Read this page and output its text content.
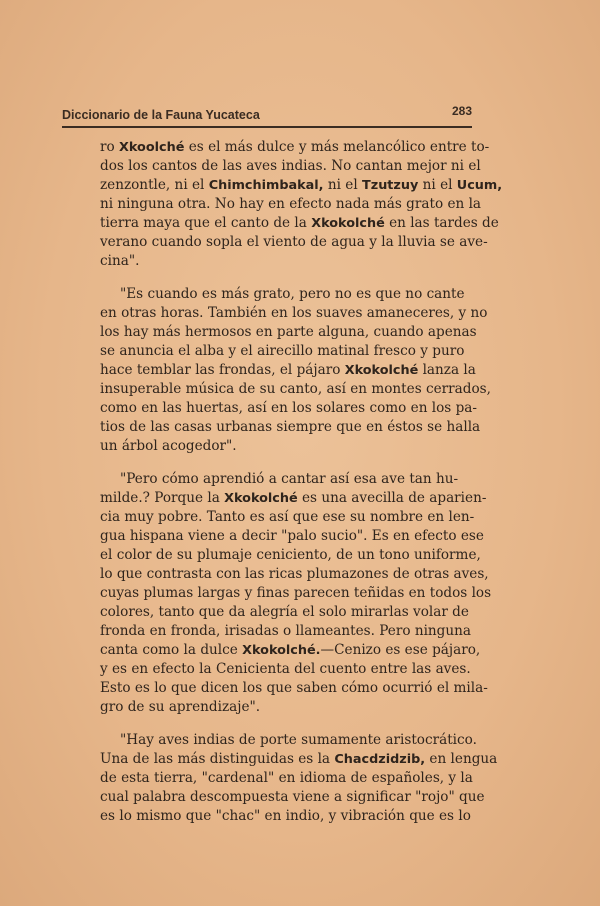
Diccionario de la Fauna Yucateca	283
ro Xkoolché es el más dulce y más melancólico entre to-
dos los cantos de las aves indias. No cantan mejor ni el
zenzontle, ni el Chimchimbakal, ni el Tzutzuy ni el Ucum,
ni ninguna otra. No hay en efecto nada más grato en la
tierra maya que el canto de la Xkokolché en las tardes de
verano cuando sopla el viento de agua y la lluvia se ave-
cina".
"Es cuando es más grato, pero no es que no cante
en otras horas. También en los suaves amaneceres, y no
los hay más hermosos en parte alguna, cuando apenas
se anuncia el alba y el airecillo matinal fresco y puro
hace temblar las frondas, el pájaro Xkokolché lanza la
insuperable música de su canto, así en montes cerrados,
como en las huertas, así en los solares como en los pa-
tios de las casas urbanas siempre que en éstos se halla
un árbol acogedor".
"Pero cómo aprendió a cantar así esa ave tan hu-
milde.? Porque la Xkokolché es una avecilla de aparien-
cia muy pobre. Tanto es así que ese su nombre en len-
gua hispana viene a decir "palo sucio". Es en efecto ese
el color de su plumaje ceniciento, de un tono uniforme,
lo que contrasta con las ricas plumazones de otras aves,
cuyas plumas largas y finas parecen teñidas en todos los
colores, tanto que da alegría el solo mirarlas volar de
fronda en fronda, irisadas o llameantes. Pero ninguna
canta como la dulce Xkokolché.—Cenizo es ese pájaro,
y es en efecto la Cenicienta del cuento entre las aves.
Esto es lo que dicen los que saben cómo ocurrió el mila-
gro de su aprendizaje".
"Hay aves indias de porte sumamente aristocrático.
Una de las más distinguidas es la Chacdzidzib, en lengua
de esta tierra, "cardenal" en idioma de españoles, y la
cual palabra descompuesta viene a significar "rojo" que
es lo mismo que "chac" en indio, y vibración que es lo
